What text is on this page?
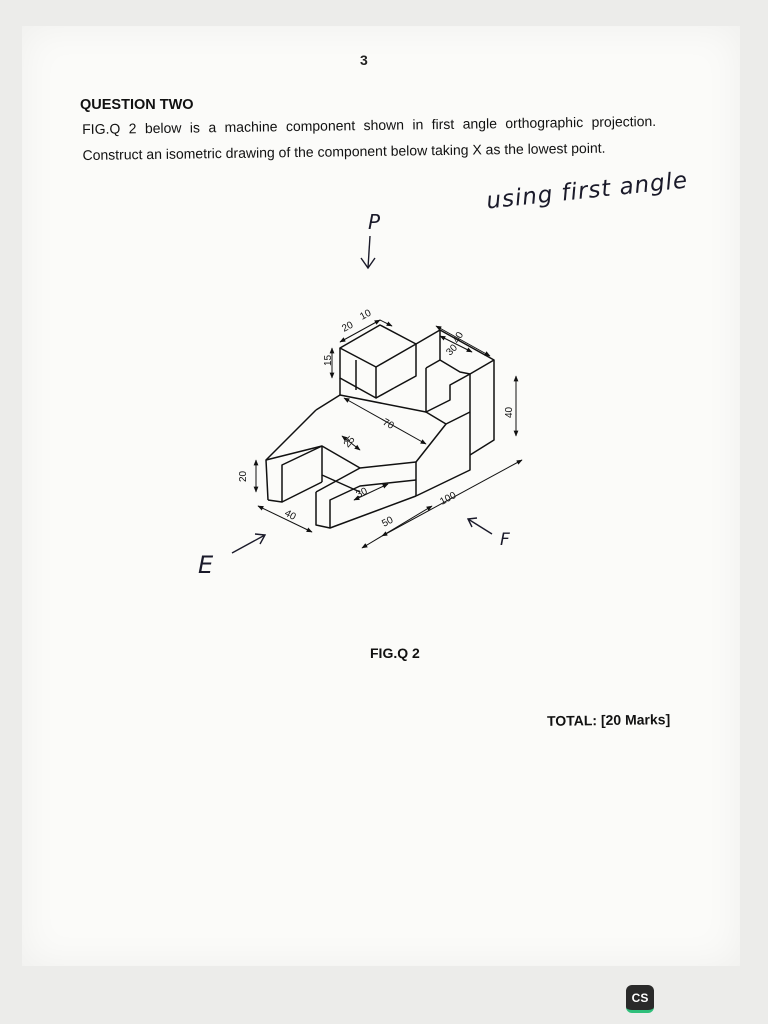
3
QUESTION TWO
FIG.Q 2 below is a machine component shown in first angle orthographic projection. Construct an isometric drawing of the component below taking X as the lowest point.
using first angle
P
E
F
20
10
15
40
30
40
70
25
20
30
40	50
100
FIG.Q 2
TOTAL: [20 Marks]
CS
